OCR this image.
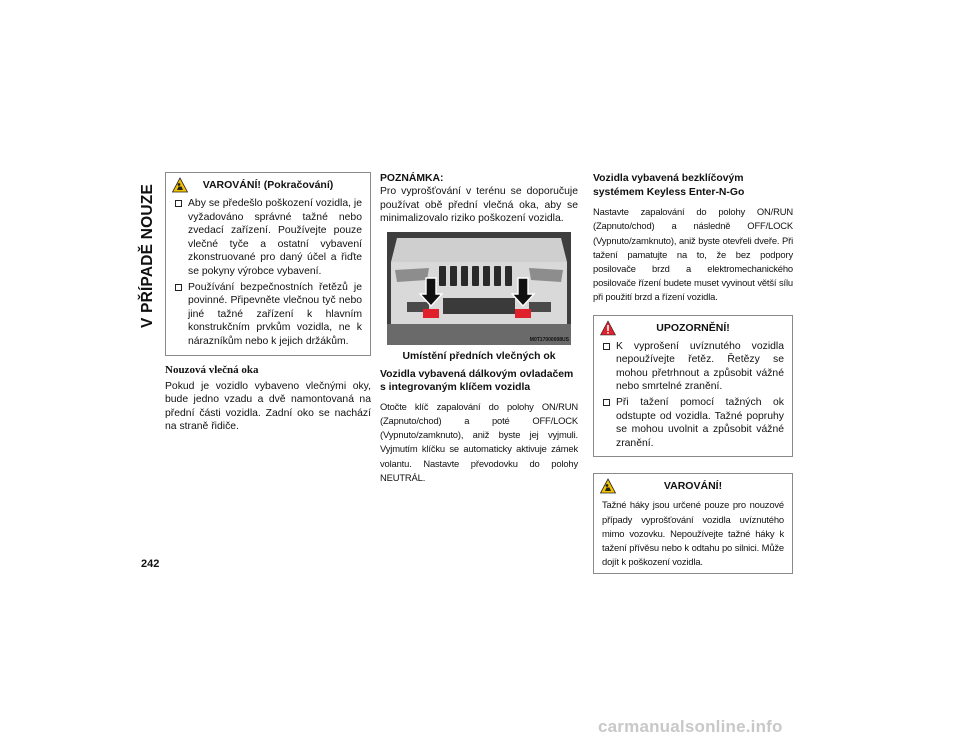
V PŘÍPADĚ NOUZE
242
VAROVÁNÍ! (Pokračování)
Aby se předešlo poškození vozidla, je vyžadováno správné tažné nebo zvedací zařízení. Používejte pouze vlečné tyče a ostatní vybavení zkonstruované pro daný účel a řiďte se pokyny výrobce vybavení.
Používání bezpečnostních řetězů je povinné. Připevněte vlečnou tyč nebo jiné tažné zařízení k hlavním konstrukčním prvkům vozidla, ne k nárazníkům nebo k jejich držákům.
Nouzová vlečná oka
Pokud je vozidlo vybaveno vlečnými oky, bude jedno vzadu a dvě namontovaná na přední části vozidla. Zadní oko se nachází na straně řidiče.
POZNÁMKA:
Pro vyprošťování v terénu se doporučuje používat obě přední vlečná oka, aby se minimalizovalo riziko poškození vozidla.
M0T17000008US
Umístění předních vlečných ok
Vozidla vybavená dálkovým ovladačem s integrovaným klíčem vozidla
Otočte klíč zapalování do polohy ON/RUN (Zapnuto/chod) a poté OFF/LOCK (Vypnuto/zamknuto), aniž byste jej vyjmuli. Vyjmutím klíčku se automaticky aktivuje zámek volantu. Nastavte převodovku do polohy NEUTRÁL.
Vozidla vybavená bezklíčovým systémem Keyless Enter-N-Go
Nastavte zapalování do polohy ON/RUN (Zapnuto/chod) a následně OFF/LOCK (Vypnuto/zamknuto), aniž byste otevřeli dveře. Při tažení pamatujte na to, že bez podpory posilovače brzd a elektromechanického posilovače řízení budete muset vyvinout větší sílu při použití brzd a řízení vozidla.
UPOZORNĚNÍ!
K vyprošení uvíznutého vozidla nepoužívejte řetěz. Řetězy se mohou přetrhnout a způsobit vážné nebo smrtelné zranění.
Při tažení pomocí tažných ok odstupte od vozidla. Tažné popruhy se mohou uvolnit a způsobit vážné zranění.
VAROVÁNÍ!
Tažné háky jsou určené pouze pro nouzové případy vyprošťování vozidla uvíznutého mimo vozovku. Nepoužívejte tažné háky k tažení přívěsu nebo k odtahu po silnici. Může dojít k poškození vozidla.
carmanualsonline.info
